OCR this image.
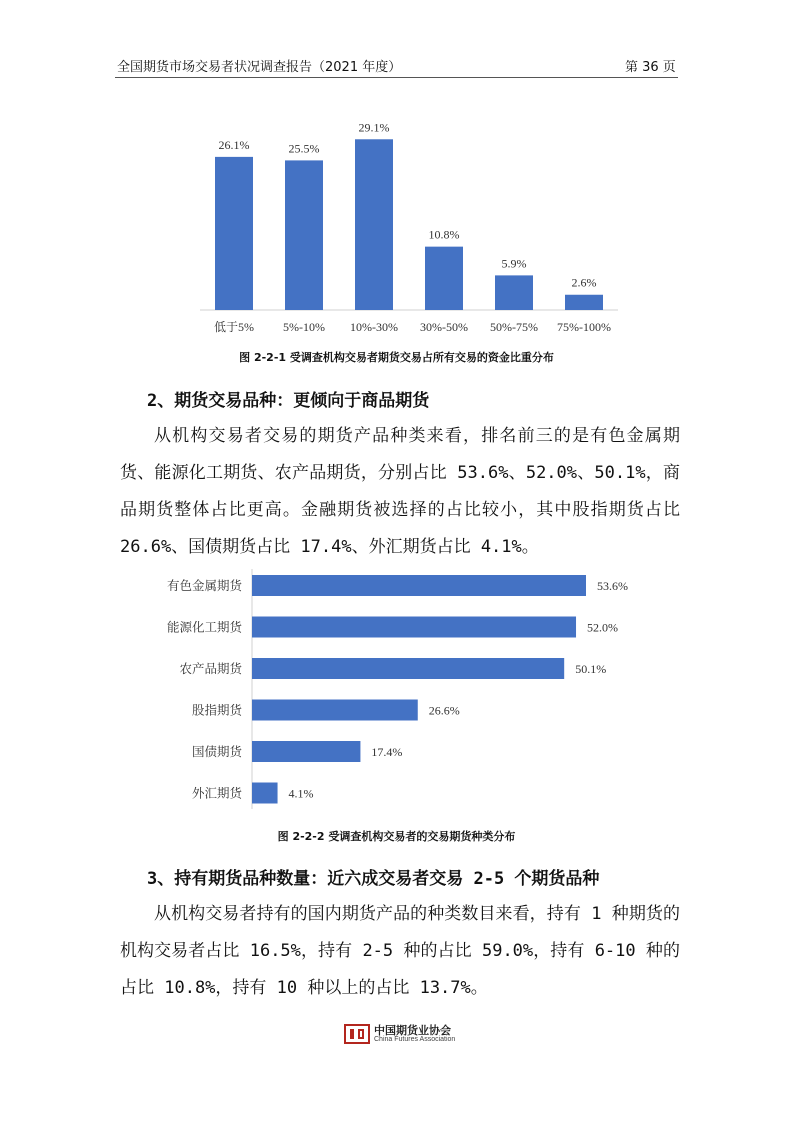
全国期货市场交易者状况调查报告（2021 年度）	第 36 页
26.1%
低于5%
25.5%
5%-10%
29.1%
10%-30%
10.8%
30%-50%
5.9%
50%-75%
2.6%
75%-100%
图 2-2-1 受调查机构交易者期货交易占所有交易的资金比重分布
2、期货交易品种：更倾向于商品期货

从机构交易者交易的期货产品种类来看，排名前三的是有色金属期货、能源化工期货、农产品期货，分别占比 53.6%、52.0%、50.1%，商品期货整体占比更高。金融期货被选择的占比较小，其中股指期货占比 26.6%、国债期货占比 17.4%、外汇期货占比 4.1%。

53.6%
有色金属期货
52.0%
能源化工期货
50.1%
农产品期货
26.6%
股指期货
17.4%
国债期货
4.1%
外汇期货
图 2-2-2 受调查机构交易者的交易期货种类分布
3、持有期货品种数量：近六成交易者交易 2-5 个期货品种

从机构交易者持有的国内期货产品的种类数目来看，持有 1 种期货的机构交易者占比 16.5%，持有 2-5 种的占比 59.0%，持有 6-10 种的占比 10.8%，持有 10 种以上的占比 13.7%。

中国期货业协会
China Futures Association
